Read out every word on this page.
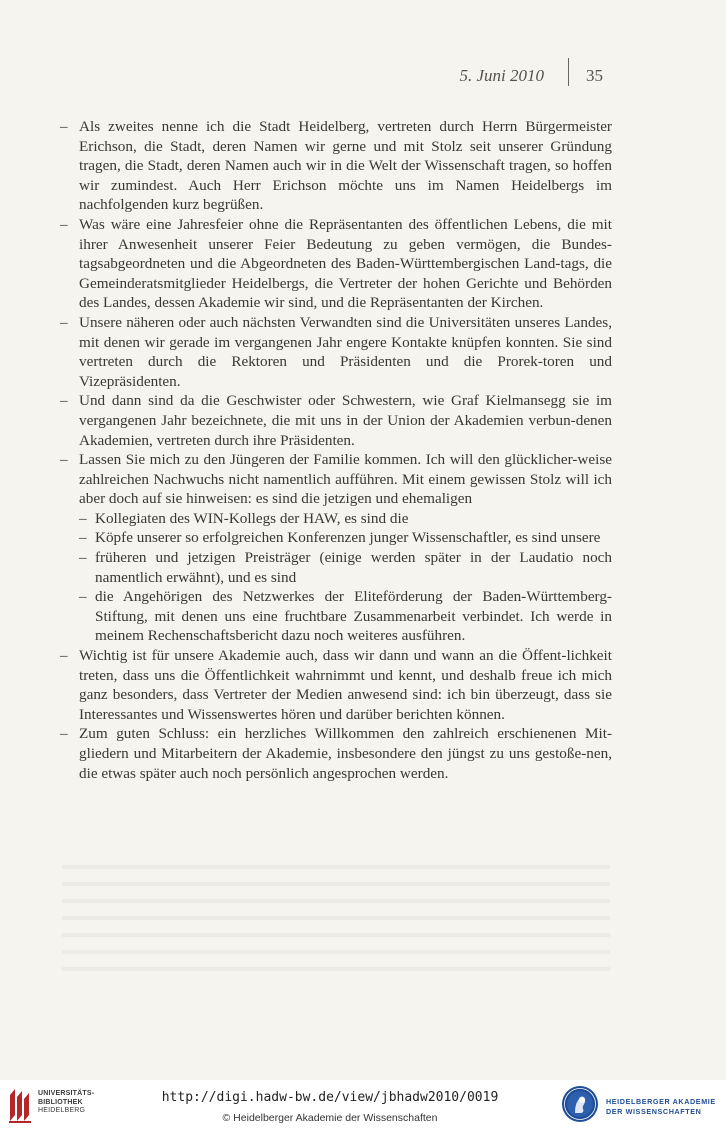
5. Juni 2010 35
– Als zweites nenne ich die Stadt Heidelberg, vertreten durch Herrn Bürgermeister Erichson, die Stadt, deren Namen wir gerne und mit Stolz seit unserer Gründung tragen, die Stadt, deren Namen auch wir in die Welt der Wissenschaft tragen, so hoffen wir zumindest. Auch Herr Erichson möchte uns im Namen Heidelbergs im nachfolgenden kurz begrüßen.
– Was wäre eine Jahresfeier ohne die Repräsentanten des öffentlichen Lebens, die mit ihrer Anwesenheit unserer Feier Bedeutung zu geben vermögen, die Bundes-tagsabgeordneten und die Abgeordneten des Baden-Württembergischen Land-tags, die Gemeinderatsmitglieder Heidelbergs, die Vertreter der hohen Gerichte und Behörden des Landes, dessen Akademie wir sind, und die Repräsentanten der Kirchen.
– Unsere näheren oder auch nächsten Verwandten sind die Universitäten unseres Landes, mit denen wir gerade im vergangenen Jahr engere Kontakte knüpfen konnten. Sie sind vertreten durch die Rektoren und Präsidenten und die Prorek-toren und Vizepräsidenten.
– Und dann sind da die Geschwister oder Schwestern, wie Graf Kielmansegg sie im vergangenen Jahr bezeichnete, die mit uns in der Union der Akademien verbun-denen Akademien, vertreten durch ihre Präsidenten.
– Lassen Sie mich zu den Jüngeren der Familie kommen. Ich will den glücklicher-weise zahlreichen Nachwuchs nicht namentlich aufführen. Mit einem gewissen Stolz will ich aber doch auf sie hinweisen: es sind die jetzigen und ehemaligen
– Kollegiaten des WIN-Kollegs der HAW, es sind die
– Köpfe unserer so erfolgreichen Konferenzen junger Wissenschaftler, es sind unsere
– früheren und jetzigen Preisträger (einige werden später in der Laudatio noch namentlich erwähnt), und es sind
– die Angehörigen des Netzwerkes der Eliteförderung der Baden-Württemberg-Stiftung, mit denen uns eine fruchtbare Zusammenarbeit verbindet. Ich werde in meinem Rechenschaftsbericht dazu noch weiteres ausführen.
– Wichtig ist für unsere Akademie auch, dass wir dann und wann an die Öffent-lichkeit treten, dass uns die Öffentlichkeit wahrnimmt und kennt, und deshalb freue ich mich ganz besonders, dass Vertreter der Medien anwesend sind: ich bin überzeugt, dass sie Interessantes und Wissenswertes hören und darüber berichten können.
– Zum guten Schluss: ein herzliches Willkommen den zahlreich erschienenen Mit-gliedern und Mitarbeitern der Akademie, insbesondere den jüngst zu uns gestoße-nen, die etwas später auch noch persönlich angesprochen werden.
UNIVERSITÄTS-
BIBLIOTHEK
HEIDELBERG
http://digi.hadw-bw.de/view/jbhadw2010/0019
© Heidelberger Akademie der Wissenschaften
HEIDELBERGER AKADEMIE
DER WISSENSCHAFTEN
